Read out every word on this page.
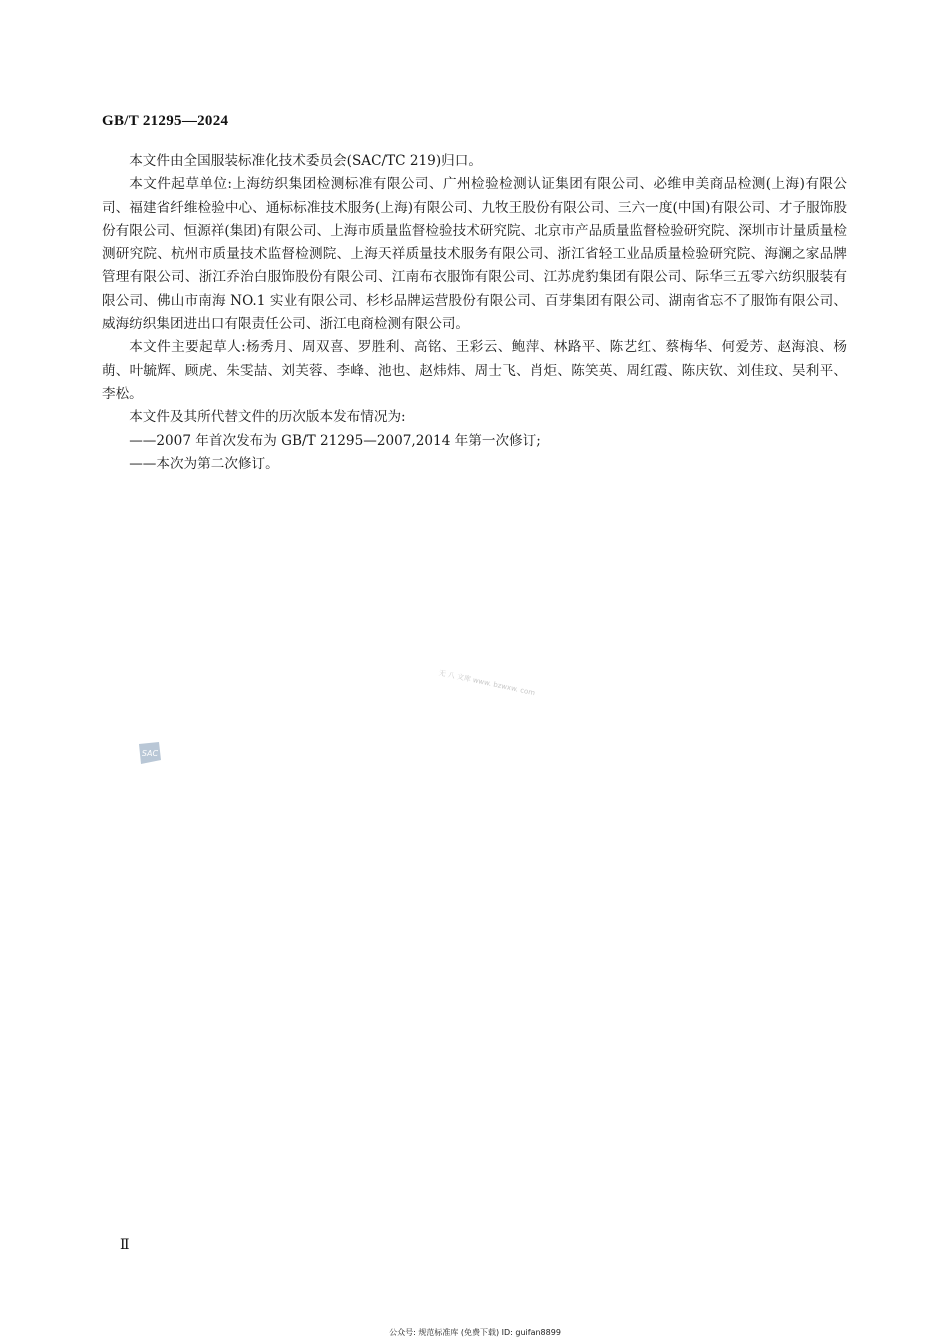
GB/T 21295—2024

本文件由全国服装标准化技术委员会(SAC/TC 219)归口。

本文件起草单位:上海纺织集团检测标准有限公司、广州检验检测认证集团有限公司、必维申美商品检测(上海)有限公司、福建省纤维检验中心、通标标准技术服务(上海)有限公司、九牧王股份有限公司、三六一度(中国)有限公司、才子服饰股份有限公司、恒源祥(集团)有限公司、上海市质量监督检验技术研究院、北京市产品质量监督检验研究院、深圳市计量质量检测研究院、杭州市质量技术监督检测院、上海天祥质量技术服务有限公司、浙江省轻工业品质量检验研究院、海澜之家品牌管理有限公司、浙江乔治白服饰股份有限公司、江南布衣服饰有限公司、江苏虎豹集团有限公司、际华三五零六纺织服装有限公司、佛山市南海 NO.1 实业有限公司、杉杉品牌运营股份有限公司、百芽集团有限公司、湖南省忘不了服饰有限公司、威海纺织集团进出口有限责任公司、浙江电商检测有限公司。

本文件主要起草人:杨秀月、周双喜、罗胜利、高铭、王彩云、鲍萍、林路平、陈艺红、蔡梅华、何爱芳、赵海浪、杨萌、叶毓辉、顾虎、朱雯喆、刘芙蓉、李峰、池也、赵炜炜、周士飞、肖炬、陈笑英、周红霞、陈庆钦、刘佳玟、吴利平、李松。

本文件及其所代替文件的历次版本发布情况为:

——2007 年首次发布为 GB/T 21295—2007,2014 年第一次修订;

——本次为第二次修订。

无 八 文库 www. bzwxw. com
SAC
Ⅱ
公众号: 规范标准库 (免费下载) ID: guifan8899
